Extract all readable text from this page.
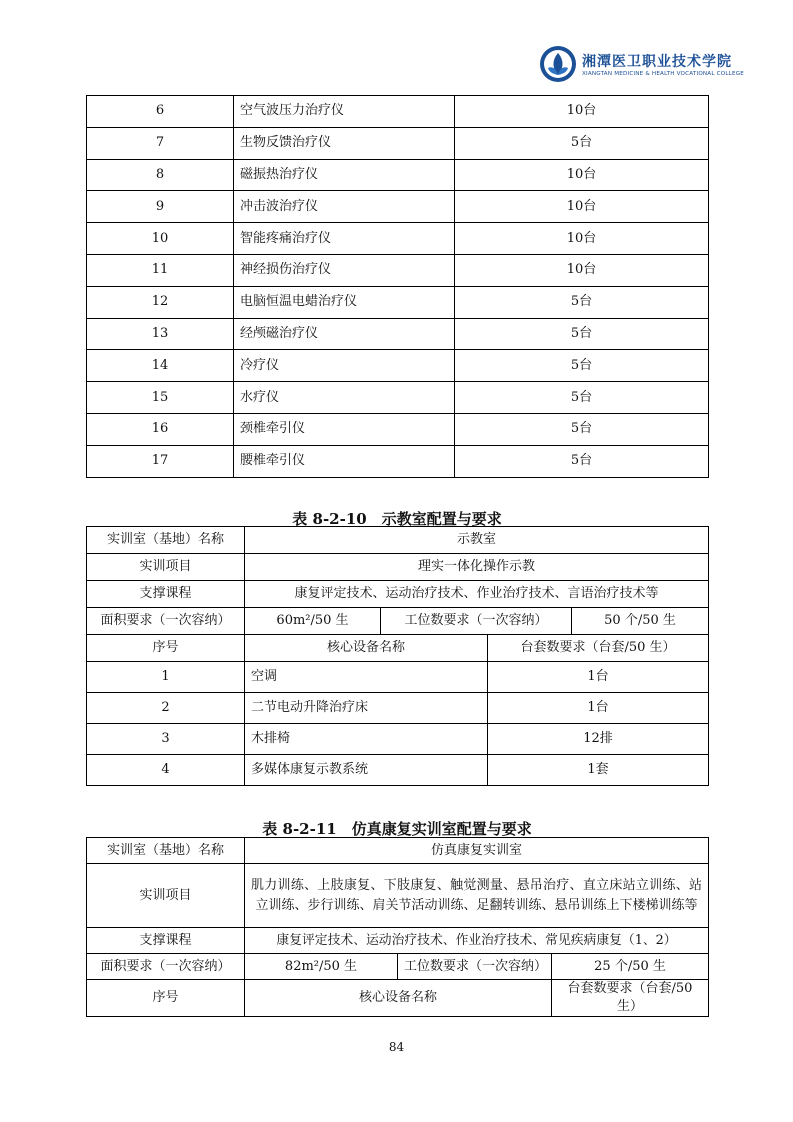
湘潭医卫职业技术学院
XIANGTAN MEDICINE & HEALTH VOCATIONAL COLLEGE
6	空气波压力治疗仪	10台
7	生物反馈治疗仪	5台
8	磁振热治疗仪	10台
9	冲击波治疗仪	10台
10	智能疼痛治疗仪	10台
11	神经损伤治疗仪	10台
12	电脑恒温电蜡治疗仪	5台
13	经颅磁治疗仪	5台
14	冷疗仪	5台
15	水疗仪	5台
16	颈椎牵引仪	5台
17	腰椎牵引仪	5台
表 8-2-10　示教室配置与要求
实训室（基地）名称	示教室			
实训项目	理实一体化操作示教			
支撑课程	康复评定技术、运动治疗技术、作业治疗技术、言语治疗技术等			
面积要求（一次容纳）	60m²/50 生	工位数要求（一次容纳）		50 个/50 生
序号	核心设备名称		台套数要求（台套/50 生）	
1	空调		1台	
2	二节电动升降治疗床		1台	
3	木排椅		12排	
4	多媒体康复示教系统		1套	
表 8-2-11　仿真康复实训室配置与要求
实训室（基地）名称	仿真康复实训室		
实训项目	肌力训练、上肢康复、下肢康复、触觉测量、悬吊治疗、直立床站立训练、站立训练、步行训练、肩关节活动训练、足翻转训练、悬吊训练上下楼梯训练等		
支撑课程	康复评定技术、运动治疗技术、作业治疗技术、常见疾病康复（1、2）		
面积要求（一次容纳）	82m²/50 生	工位数要求（一次容纳）	25 个/50 生
序号	核心设备名称		台套数要求（台套/50 生）
84
